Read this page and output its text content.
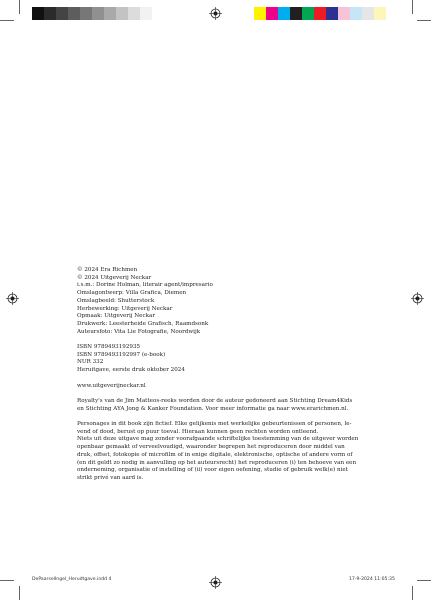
© 2024 Era Richmen
© 2024 Uitgeverij Neckar
i.s.m.: Dorine Holman, literair agent/impresario
Omslagontwerp: Villa Grafica, Diemen
Omslagbeeld: Shutterstock
Herbewerking: Uitgeverij Neckar
Opmaak: Uitgeverij Neckar
Drukwerk: Leesterheide Grafisch, Raamdsonk
Auteursfoto: Vita Lie Fotografie, Noordwijk
ISBN 9789493192935
ISBN 9789493192997 (e-book)
NUR 332
Heruitgave, eerste druk oktober 2024
www.uitgeverijneckar.nl
Royalty's van de Jim Matteos-reeks worden door de auteur gedoneerd aan Stichting Dream4Kids
en Stichting AYA Jong & Kanker Foundation. Voor meer informatie ga naar www.erarichmen.nl.
Personages in dit book zijn fictief. Elke gelijkenis met werkelijke gebeurtenissen of personen, le-
vend of dood, berust op puur toeval. Hieraan kunnen geen rechten worden ontleend.
Niets uit deze uitgave mag zonder voorafgaande schriftelijke toestemming van de uitgever worden
openbaar gemaakt of verveelvoudigd, waaronder begrepen het reproduceren door middel van
druk, offset, fotokopie of microfilm of in enige digitale, elektronische, optische of andere vorm of
(en dit geldt zo nodig in aanvulling op het auteursrecht) het reproduceren (i) ten behoeve van een
onderneming, organisatie of instelling of (ii) voor eigen oefening, studie of gebruik welk(e) niet
strikt privé van aard is.
DePaarselIngel_Herudtgave.indd 4	17-9-2024 11:05:35
